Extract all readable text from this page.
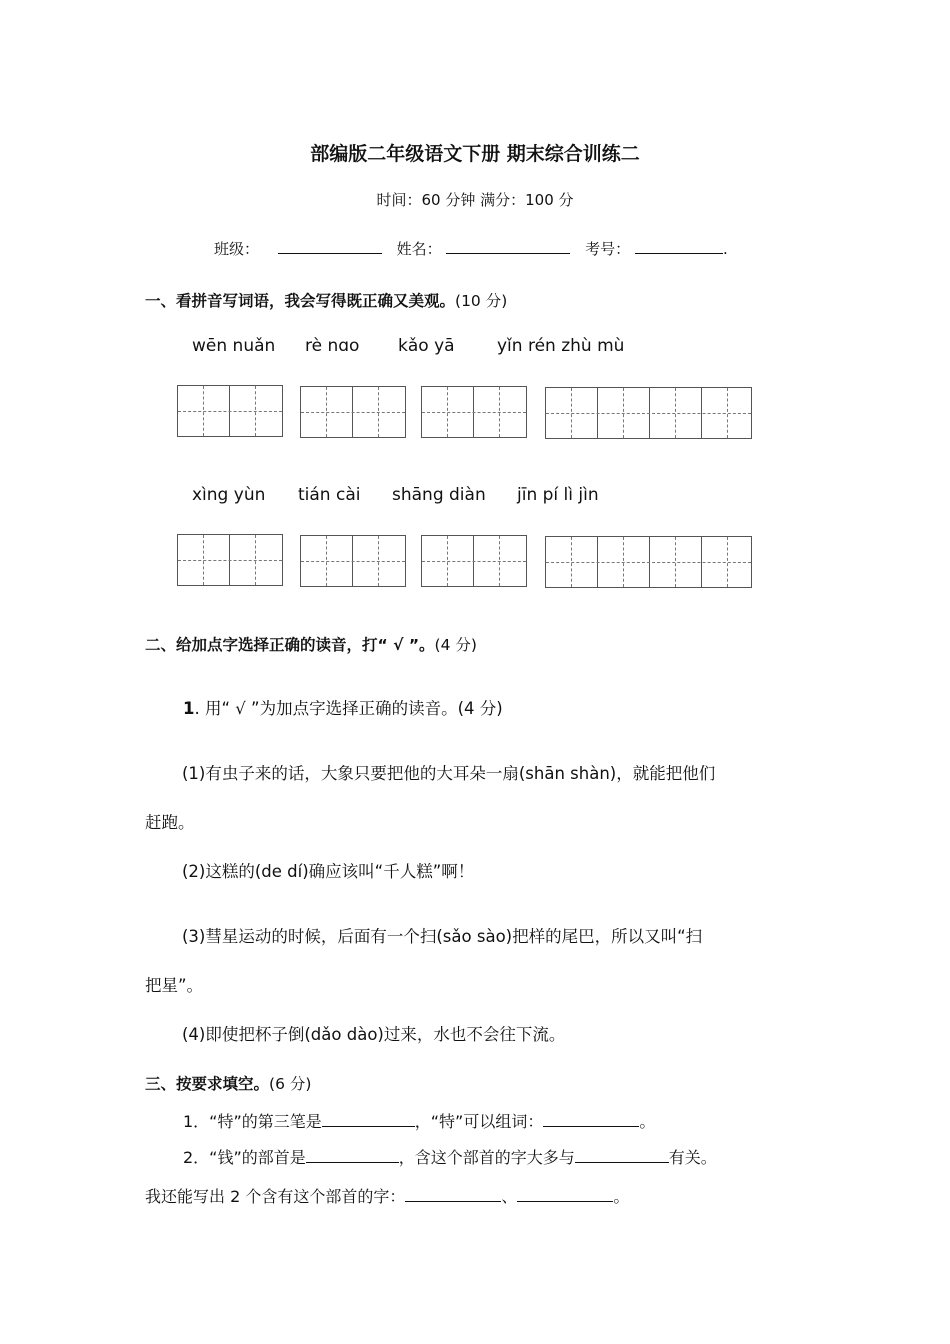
部编版二年级语文下册 期末综合训练二
时间：60 分钟 满分：100 分
班级：	姓名：	考号：	.
一、看拼音写词语，我会写得既正确又美观。(10 分)
wēn nuǎn rè nɑo kǎo yā yǐn rén zhù mù
xìng yùn tián cài shāng diàn jīn pí lì jìn
二、给加点字选择正确的读音，打“ √ ”。(4 分)
1. 用“ √ ”为加点字选择正确的读音。(4 分)
(1)有虫子来的话，大象只要把他的大耳朵一扇(shān shàn)，就能把他们
赶跑。
(2)这糕的(de dí)确应该叫“千人糕”啊！
(3)彗星运动的时候，后面有一个扫(sǎo sào)把样的尾巴，所以又叫“扫
把星”。
(4)即使把杯子倒(dǎo dào)过来，水也不会往下流。
三、按要求填空。(6 分)
1．“特”的第三笔是	，“特”可以组词：	。
2．“钱”的部首是	，含这个部首的字大多与	有关。
我还能写出 2 个含有这个部首的字：	、	。
